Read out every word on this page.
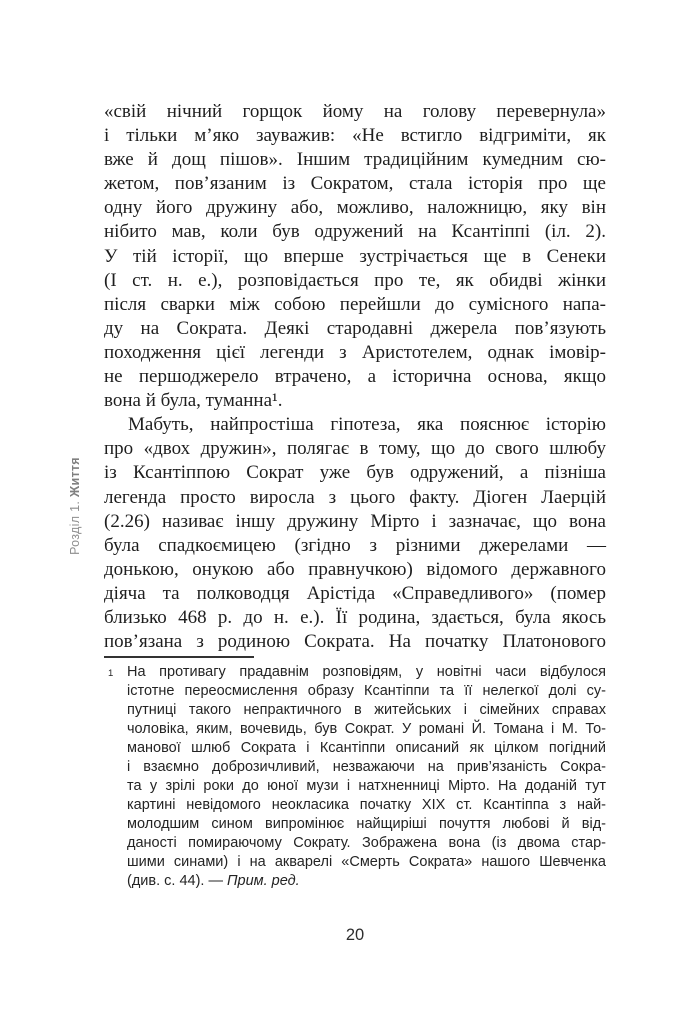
Розділ 1. Життя
«свій нічний горщок йому на голову перевернула»
і тільки м’яко зауважив: «Не встигло відгриміти, як
вже й дощ пішов». Іншим традиційним кумедним сю-
жетом, пов’язаним із Сократом, стала історія про ще
одну його дружину або, можливо, наложницю, яку він
нібито мав, коли був одружений на Ксантіппі (іл. 2).
У тій історії, що вперше зустрічається ще в Сенеки
(І ст. н. е.), розповідається про те, як обидві жінки
після сварки між собою перейшли до сумісного напа-
ду на Сократа. Деякі стародавні джерела пов’язують
походження цієї легенди з Аристотелем, однак імовір-
не першоджерело втрачено, а історична основа, якщо
вона й була, туманна¹.
Мабуть, найпростіша гіпотеза, яка пояснює історію
про «двох дружин», полягає в тому, що до свого шлюбу
із Ксантіппою Сократ уже був одружений, а пізніша
легенда просто виросла з цього факту. Діоген Лаерцій
(2.26) називає іншу дружину Мірто і зазначає, що вона
була спадкоємицею (згідно з різними джерелами —
донькою, онукою або правнучкою) відомого державного
діяча та полководця Арістіда «Справедливого» (помер
близько 468 р. до н. е.). Її родина, здається, була якось
пов’язана з родиною Сократа. На початку Платонового
1 На противагу прадавнім розповідям, у новітні часи відбулося
істотне переосмислення образу Ксантіппи та її нелегкої долі су-
путниці такого непрактичного в житейських і сімейних справах
чоловіка, яким, вочевидь, був Сократ. У романі Й. Томана і М. То-
манової шлюб Сократа і Ксантіппи описаний як цілком погідний
і взаємно доброзичливий, незважаючи на прив’язаність Сокра-
та у зрілі роки до юної музи і натхненниці Мірто. На доданій тут
картині невідомого неокласика початку XIX ст. Ксантіппа з най-
молодшим сином випромінює найщиріші почуття любові й від-
даності помираючому Сократу. Зображена вона (із двома стар-
шими синами) і на акварелі «Смерть Сократа» нашого Шевченка
(див. с. 44). — Прим. ред.
20
